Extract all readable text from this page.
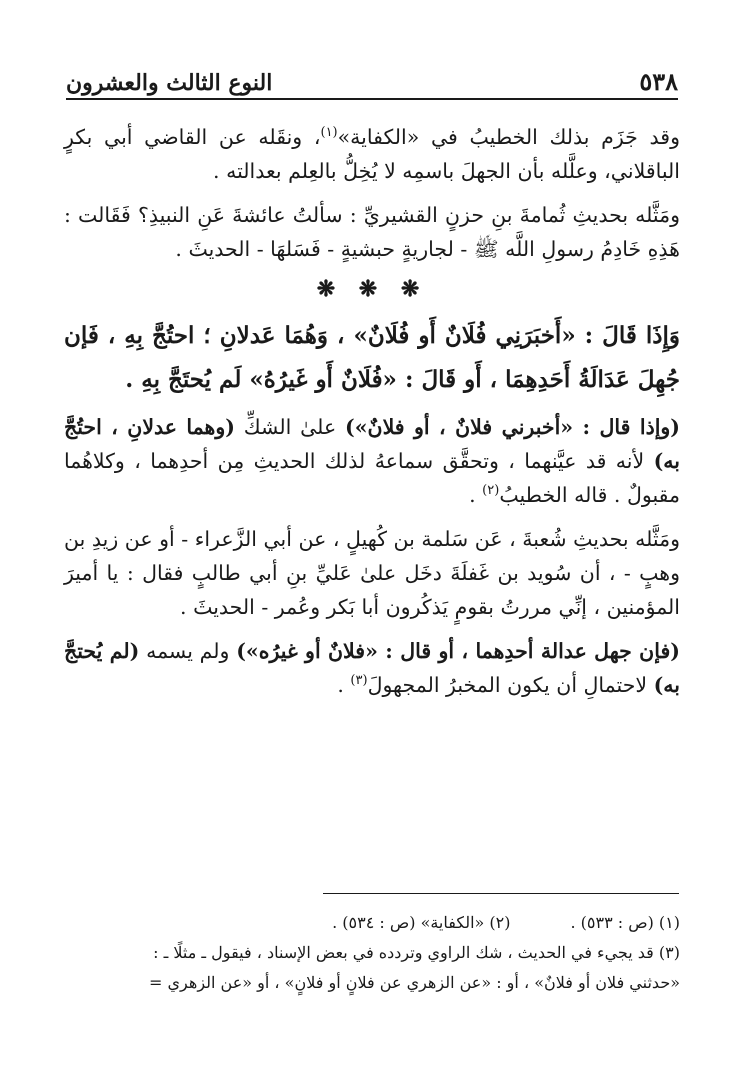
٥٣٨
النوع الثالث والعشرون

وقد جَزَم بذلك الخطيبُ في «الكفاية»$^{(١)}$، ونقَله عن القاضي أبي بكرٍ الباقلاني، وعلَّله بأن الجهلَ باسمِه لا يُخِلُّ بالعِلم بعدالته .

ومَثَّله بحديثِ ثُمامةَ بنِ حزنٍ القشيريِّ : سألتُ عائشةَ عَنِ النبيذِ؟ فَقَالت : هَذِهِ خَادِمُ رسولِ اللَّه ﷺ - لجاريةٍ حبشيةٍ - فَسَلهَا - الحديثَ .

❋ ❋ ❋

وَإِذَا قَالَ : «أَخبَرَنِي فُلَانٌ أَو فُلَانٌ» ، وَهُمَا عَدلانِ ؛ احتُجَّ بِهِ ، فَإن جُهِلَ عَدَالَةُ أَحَدِهِمَا ، أَو قَالَ : «فُلَانٌ أَو غَيرُهُ» لَم يُحتَجَّ بِهِ .

(وإذا قال : «أخبرني فلانٌ ، أو فلانٌ») علىٰ الشكِّ (وهما عدلانِ ، احتُجَّ به) لأنه قد عيَّنهما ، وتحقَّق سماعهُ لذلك الحديثِ مِن أحدِهما ، وكلاهُما مقبولٌ . قاله الخطيبُ$^{(٢)}$ .

ومَثَّله بحديثِ شُعبةَ ، عَن سَلمة بن كُهيلٍ ، عن أبي الزَّعراء - أو عن زيدِ بن وهبٍ - ، أن سُويد بن غَفلَةَ دخَل علىٰ عَليِّ بنِ أبي طالبٍ فقال : يا أميرَ المؤمنين ، إنِّي مررتُ بقومٍ يَذكُرون أبا بَكر وعُمر - الحديثَ .

(فإن جهل عدالة أحدِهما ، أو قال : «فلانٌ أو غيرُه») ولم يسمه (لم يُحتجَّ به) لاحتمالِ أن يكون المخبرُ المجهولَ$^{(٣)}$ .

(١) (ص : ٥٣٣) .
(٢) «الكفاية» (ص : ٥٣٤) .
(٣) قد يجيء في الحديث ، شك الراوي وتردده في بعض الإسناد ، فيقول ـ مثلًا ـ :
«حدثني فلان أو فلانٌ» ، أو : «عن الزهري عن فلانٍ أو فلانٍ» ، أو «عن الزهري =
